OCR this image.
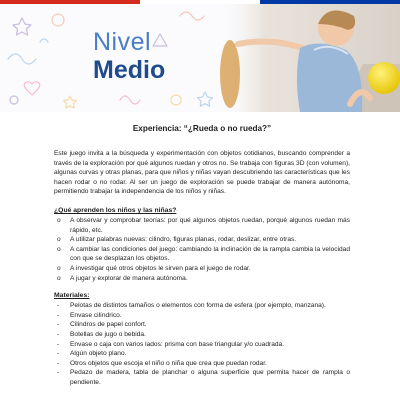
Nivel
Medio
Experiencia: “¿Rueda o no rueda?”

Este juego invita a la búsqueda y experimentación con objetos cotidianos, buscando comprender a través de la exploración por qué algunos ruedan y otros no. Se trabaja con figuras 3D (con volumen), algunas curvas y otras planas, para que niños y niñas vayan descubriendo las características que les hacen rodar o no rodar. Al ser un juego de exploración se puede trabajar de manera autónoma, permitiendo trabajar la independencia de los niños y niñas.

¿Qué aprenden los niños y las niñas?
o	A observar y comprobar teorías: por qué algunos objetos ruedan, porqué algunos ruedan más rápido, etc.
o	A utilizar palabras nuevas: cilindro, figuras planas, rodar, deslizar, entre otras.
o	A cambiar las condiciones del juego: cambiando la inclinación de la rampla cambia la velocidad con que se desplazan los objetos.
o	A investigar qué otros objetos le sirven para el juego de rodar.
o	A jugar y explorar de manera autónoma.
Materiales:
-	Pelotas de distintos tamaños o elementos con forma de esfera (por ejemplo, manzana).
-	Envase cilíndrico.
-	Cilindros de papel confort.
-	Botellas de jugo o bebida.
-	Envase o caja con varios lados: prisma con base triangular y/o cuadrada.
-	Algún objeto plano.
-	Otros objetos que escoja el niño o niña que crea que puedan rodar.
-	Pedazo de madera, tabla de planchar o alguna superficie que permita hacer de rampla o pendiente.
